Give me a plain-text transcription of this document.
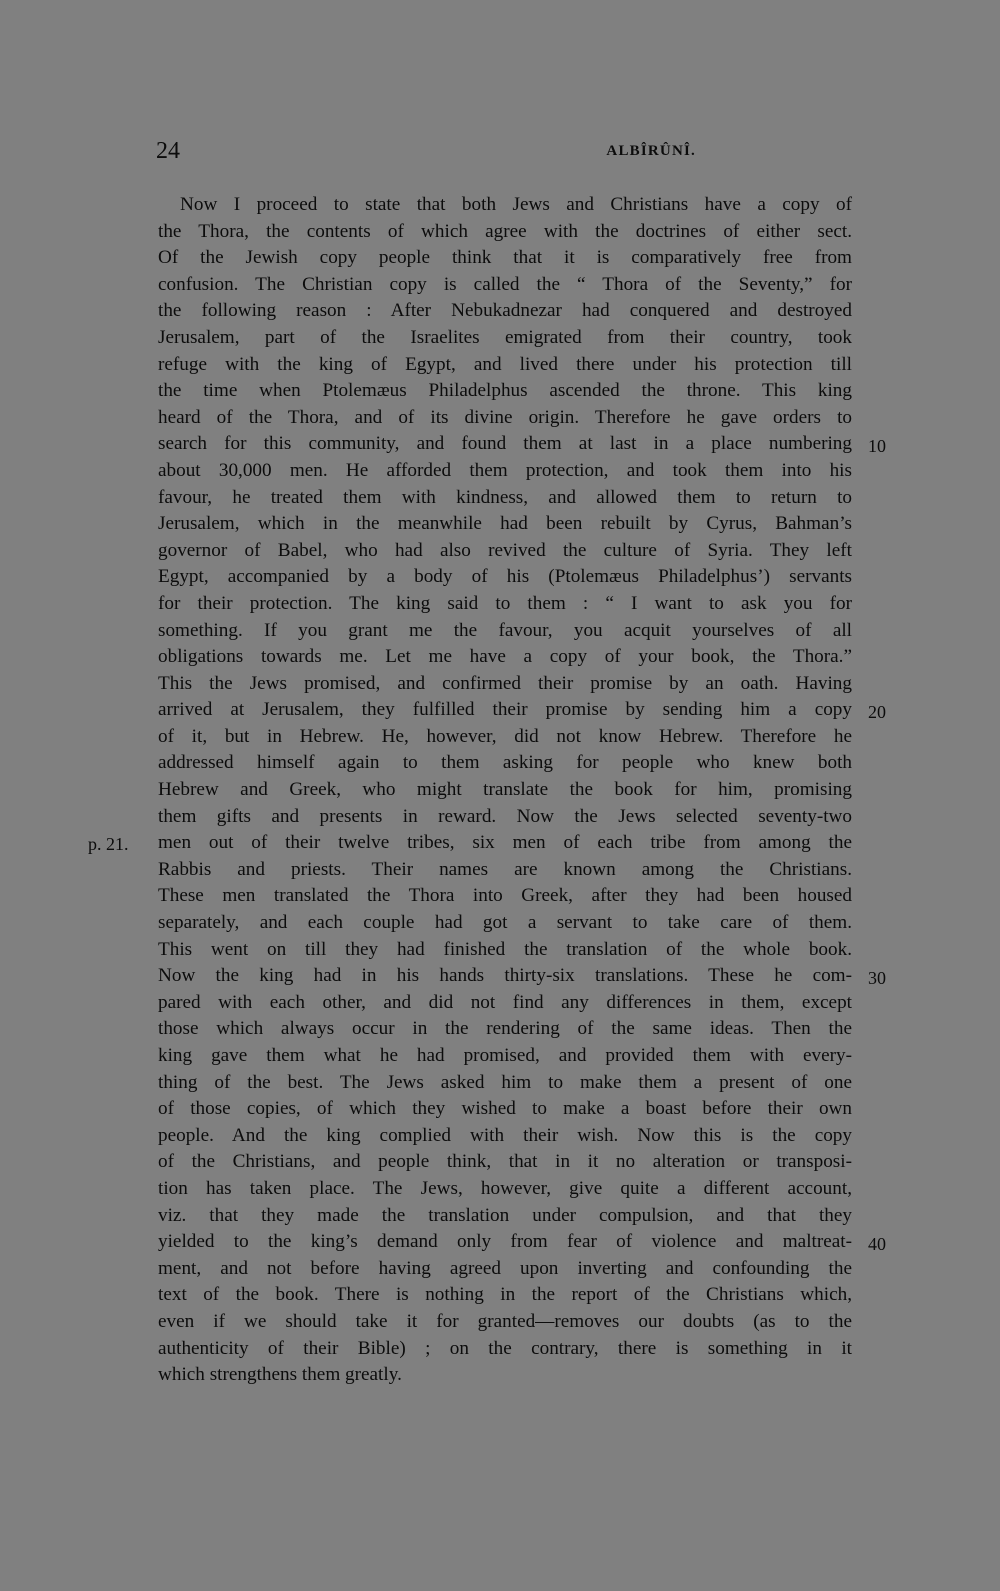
24	ALBÎRÛNÎ.
Now I proceed to state that both Jews and Christians have a copy of
the Thora, the contents of which agree with the doctrines of either sect.
Of the Jewish copy people think that it is comparatively free from
confusion. The Christian copy is called the “ Thora of the Seventy,” for
the following reason : After Nebukadnezar had conquered and destroyed
Jerusalem, part of the Israelites emigrated from their country, took
refuge with the king of Egypt, and lived there under his protection till
the time when Ptolemæus Philadelphus ascended the throne. This king
heard of the Thora, and of its divine origin. Therefore he gave orders to
search for this community, and found them at last in a place numbering
about 30,000 men. He afforded them protection, and took them into his
favour, he treated them with kindness, and allowed them to return to
Jerusalem, which in the meanwhile had been rebuilt by Cyrus, Bahman’s
governor of Babel, who had also revived the culture of Syria. They left
Egypt, accompanied by a body of his (Ptolemæus Philadelphus’) servants
for their protection. The king said to them : “ I want to ask you for
something. If you grant me the favour, you acquit yourselves of all
obligations towards me. Let me have a copy of your book, the Thora.”
This the Jews promised, and confirmed their promise by an oath. Having
arrived at Jerusalem, they fulfilled their promise by sending him a copy
of it, but in Hebrew. He, however, did not know Hebrew. Therefore he
addressed himself again to them asking for people who knew both
Hebrew and Greek, who might translate the book for him, promising
them gifts and presents in reward. Now the Jews selected seventy-two
men out of their twelve tribes, six men of each tribe from among the
Rabbis and priests. Their names are known among the Christians.
These men translated the Thora into Greek, after they had been housed
separately, and each couple had got a servant to take care of them.
This went on till they had finished the translation of the whole book.
Now the king had in his hands thirty-six translations. These he com-
pared with each other, and did not find any differences in them, except
those which always occur in the rendering of the same ideas. Then the
king gave them what he had promised, and provided them with every-
thing of the best. The Jews asked him to make them a present of one
of those copies, of which they wished to make a boast before their own
people. And the king complied with their wish. Now this is the copy
of the Christians, and people think, that in it no alteration or transposi-
tion has taken place. The Jews, however, give quite a different account,
viz. that they made the translation under compulsion, and that they
yielded to the king’s demand only from fear of violence and maltreat-
ment, and not before having agreed upon inverting and confounding the
text of the book. There is nothing in the report of the Christians which,
even if we should take it for granted—removes our doubts (as to the
authenticity of their Bible) ; on the contrary, there is something in it
which strengthens them greatly.
10
20
30
40
p. 21.
